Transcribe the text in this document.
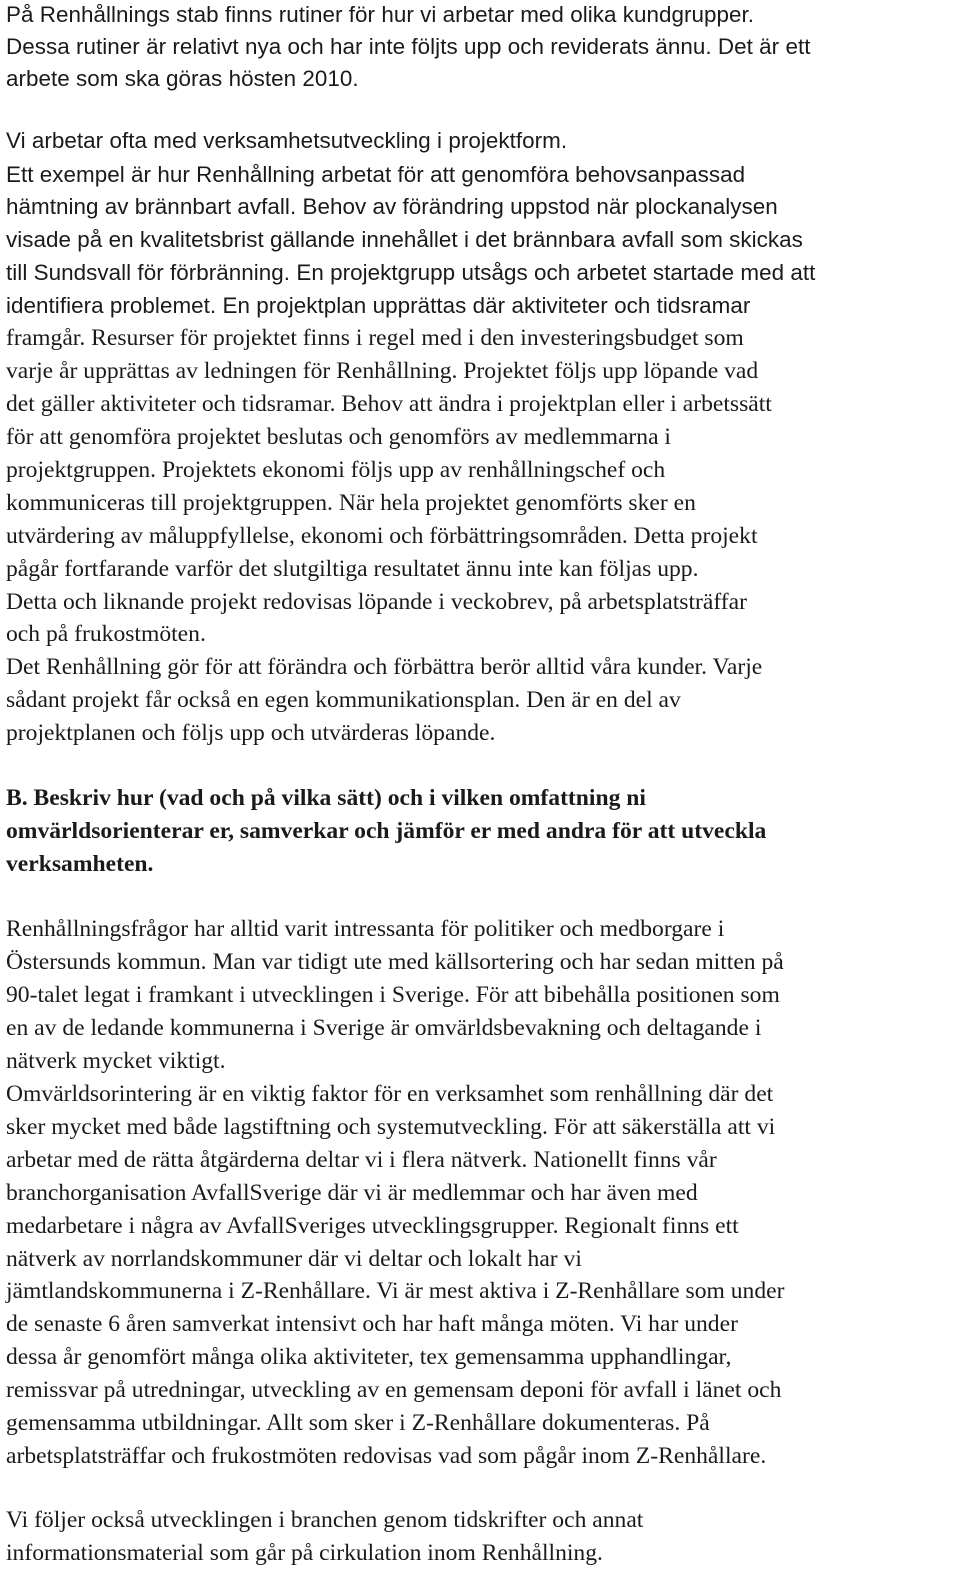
På Renhållnings stab finns rutiner för hur vi arbetar med olika kundgrupper.
Dessa rutiner är relativt nya och har inte följts upp och reviderats ännu. Det är ett
arbete som ska göras hösten 2010.
Vi arbetar ofta med verksamhetsutveckling i projektform.
Ett exempel är hur Renhållning arbetat för att genomföra behovsanpassad
hämtning av brännbart avfall. Behov av förändring uppstod när plockanalysen
visade på en kvalitetsbrist gällande innehållet i det brännbara avfall som skickas
till Sundsvall för förbränning. En projektgrupp utsågs och arbetet startade med att
identifiera problemet. En projektplan upprättas där aktiviteter och tidsramar
framgår. Resurser för projektet finns i regel med i den investeringsbudget som
varje år upprättas av ledningen för Renhållning. Projektet följs upp löpande vad
det gäller aktiviteter och tidsramar. Behov att ändra i projektplan eller i arbetssätt
för att genomföra projektet beslutas och genomförs av medlemmarna i
projektgruppen. Projektets ekonomi följs upp av renhållningschef och
kommuniceras till projektgruppen. När hela projektet genomförts sker en
utvärdering av måluppfyllelse, ekonomi och förbättringsområden. Detta projekt
pågår fortfarande varför det slutgiltiga resultatet ännu inte kan följas upp.
Detta och liknande projekt redovisas löpande i veckobrev, på arbetsplatsträffar
och på frukostmöten.
Det Renhållning gör för att förändra och förbättra berör alltid våra kunder. Varje
sådant projekt får också en egen kommunikationsplan. Den är en del av
projektplanen och följs upp och utvärderas löpande.
B. Beskriv hur (vad och på vilka sätt) och i vilken omfattning ni
omvärldsorienterar er, samverkar och jämför er med andra för att utveckla
verksamheten.
Renhållningsfrågor har alltid varit intressanta för politiker och medborgare i
Östersunds kommun. Man var tidigt ute med källsortering och har sedan mitten på
90-talet legat i framkant i utvecklingen i Sverige. För att bibehålla positionen som
en av de ledande kommunerna i Sverige är omvärldsbevakning och deltagande i
nätverk mycket viktigt.
Omvärldsorintering är en viktig faktor för en verksamhet som renhållning där det
sker mycket med både lagstiftning och systemutveckling. För att säkerställa att vi
arbetar med de rätta åtgärderna deltar vi i flera nätverk. Nationellt finns vår
branchorganisation AvfallSverige där vi är medlemmar och har även med
medarbetare i några av AvfallSveriges utvecklingsgrupper. Regionalt finns ett
nätverk av norrlandskommuner där vi deltar och lokalt har vi
jämtlandskommunerna i Z-Renhållare. Vi är mest aktiva i Z-Renhållare som under
de senaste 6 åren samverkat intensivt och har haft många möten. Vi har under
dessa år genomfört många olika aktiviteter, tex gemensamma upphandlingar,
remissvar på utredningar, utveckling av en gemensam deponi för avfall i länet och
gemensamma utbildningar. Allt som sker i Z-Renhållare dokumenteras. På
arbetsplatsträffar och frukostmöten redovisas vad som pågår inom Z-Renhållare.
Vi följer också utvecklingen i branchen genom tidskrifter och annat
informationsmaterial som går på cirkulation inom Renhållning.
